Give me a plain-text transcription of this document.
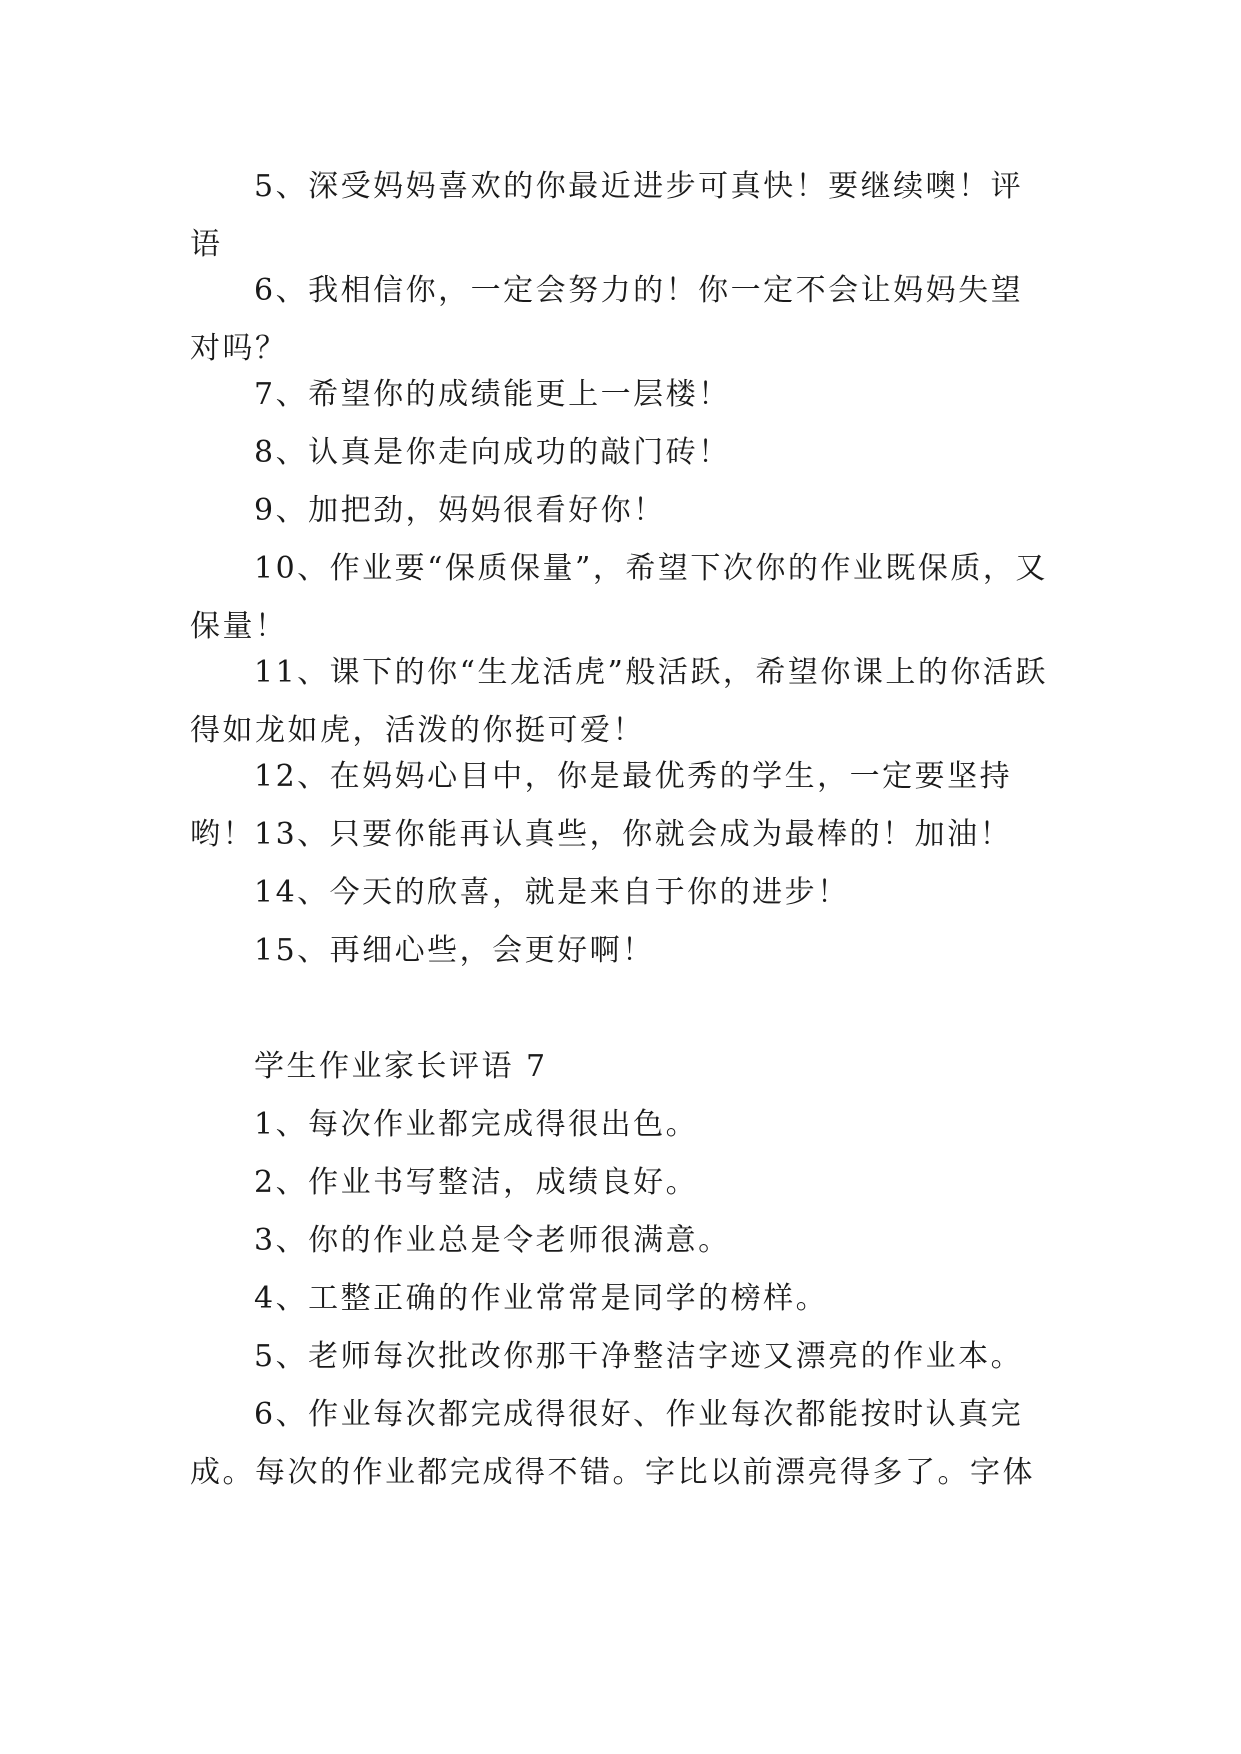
5、深受妈妈喜欢的你最近进步可真快！要继续噢！评语

6、我相信你，一定会努力的！你一定不会让妈妈失望对吗？

7、希望你的成绩能更上一层楼！

8、认真是你走向成功的敲门砖！

9、加把劲，妈妈很看好你！

10、作业要“保质保量”，希望下次你的作业既保质，又保量！

11、课下的你“生龙活虎”般活跃，希望你课上的你活跃得如龙如虎，活泼的你挺可爱！

12、在妈妈心目中，你是最优秀的学生，一定要坚持哟！ 13、只要你能再认真些，你就会成为最棒的！加油！

14、今天的欣喜，就是来自于你的进步！

15、再细心些，会更好啊！

学生作业家长评语 7

1、每次作业都完成得很出色。

2、作业书写整洁，成绩良好。

3、你的作业总是令老师很满意。

4、工整正确的作业常常是同学的榜样。

5、老师每次批改你那干净整洁字迹又漂亮的作业本。

6、作业每次都完成得很好、作业每次都能按时认真完成。每次的作业都完成得不错。字比以前漂亮得多了。字体
